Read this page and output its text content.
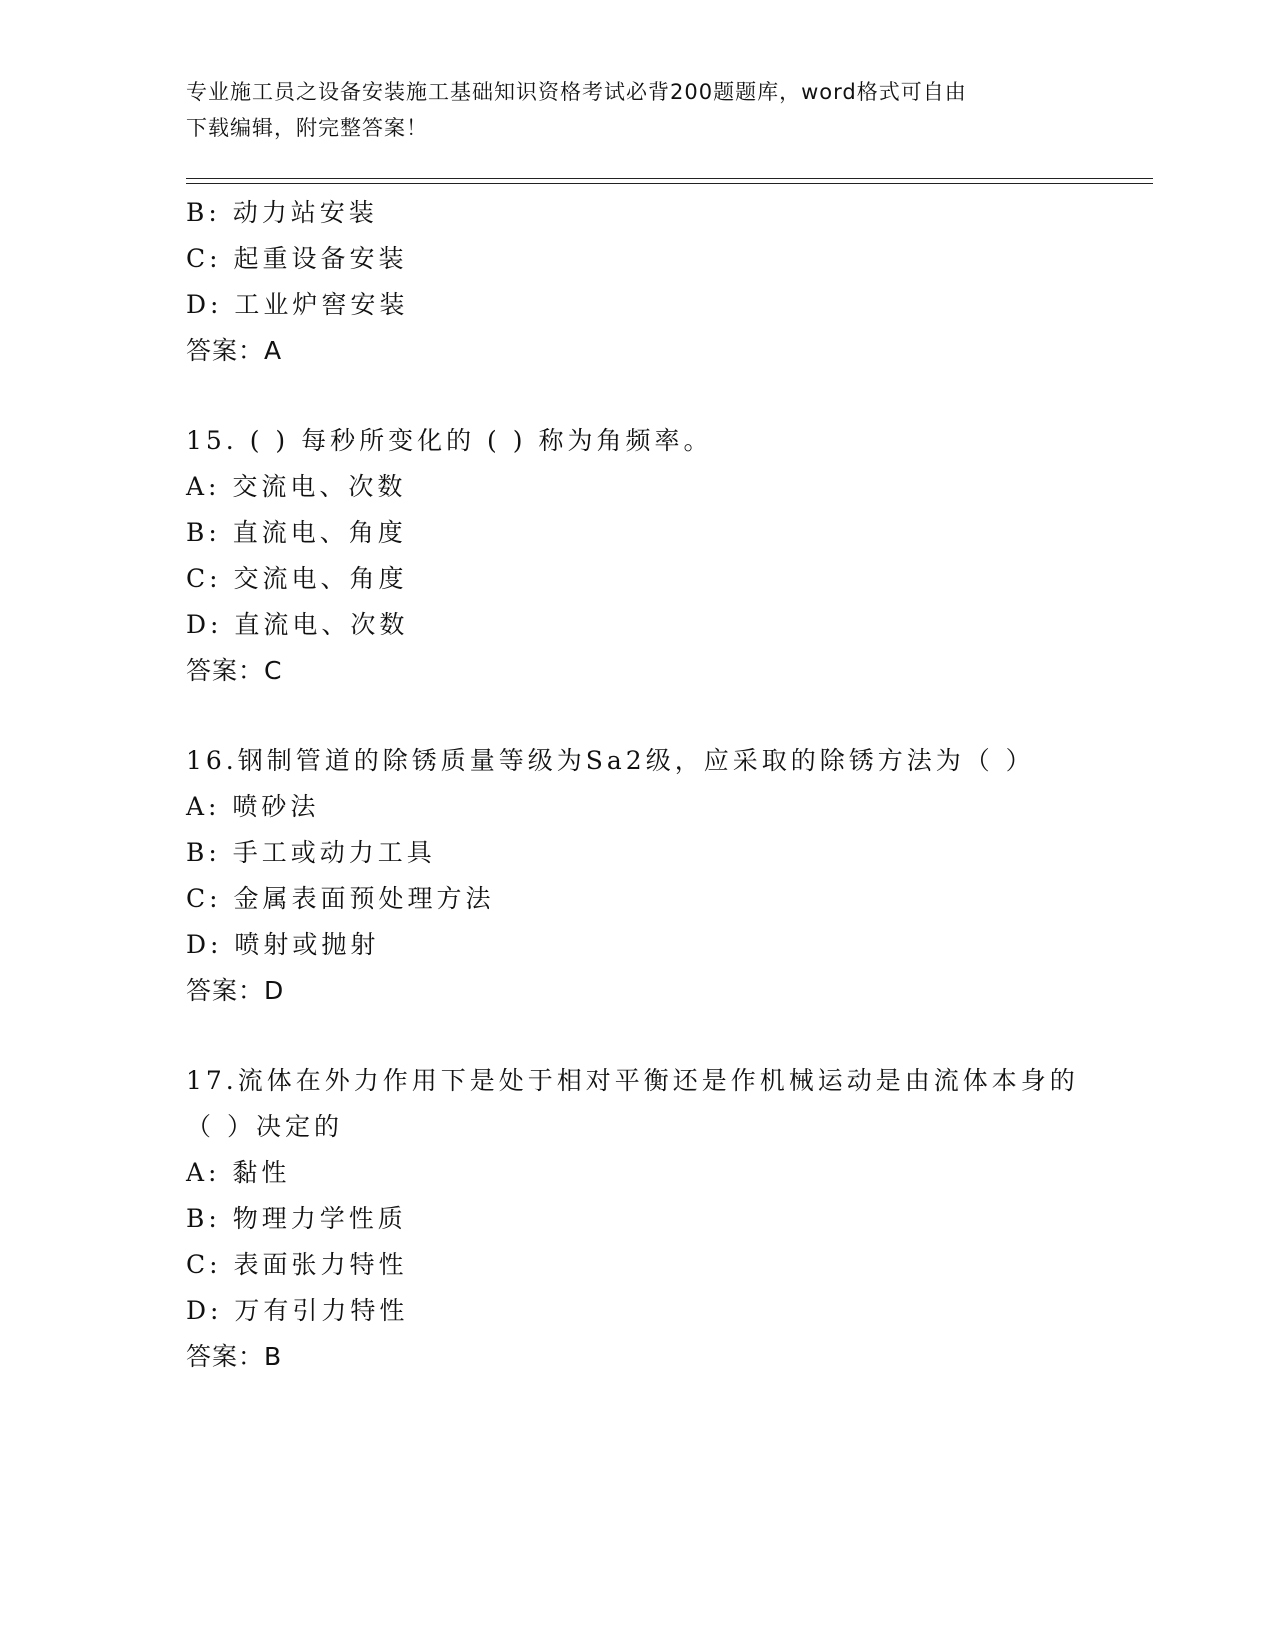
专业施工员之设备安装施工基础知识资格考试必背200题题库，word格式可自由
下载编辑，附完整答案！
B: 动力站安装
C: 起重设备安装
D: 工业炉窖安装
答案：A
15. ( ) 每秒所变化的 ( ) 称为角频率。
A: 交流电、次数
B: 直流电、角度
C: 交流电、角度
D: 直流电、次数
答案：C
16.钢制管道的除锈质量等级为Sa2级，应采取的除锈方法为（ ）
A: 喷砂法
B: 手工或动力工具
C: 金属表面预处理方法
D: 喷射或抛射
答案：D
17.流体在外力作用下是处于相对平衡还是作机械运动是由流体本身的
（ ）决定的
A: 黏性
B: 物理力学性质
C: 表面张力特性
D: 万有引力特性
答案：B
